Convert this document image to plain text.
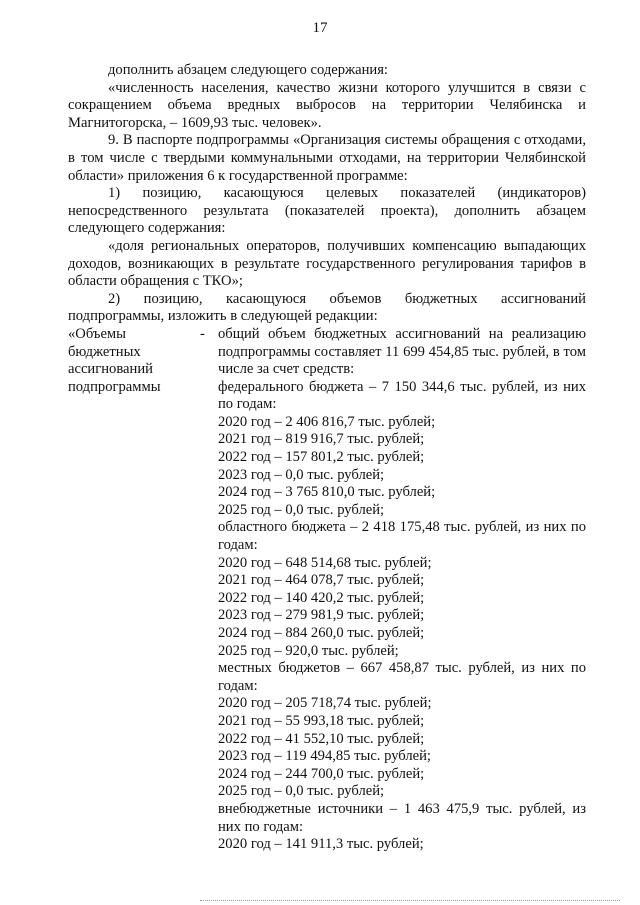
17

дополнить абзацем следующего содержания:

«численность населения, качество жизни которого улучшится в связи с сокращением объема вредных выбросов на территории Челябинска и Магнитогорска, – 1609,93 тыс. человек».

9. В паспорте подпрограммы «Организация системы обращения с отходами, в том числе с твердыми коммунальными отходами, на территории Челябинской области» приложения 6 к государственной программе:

1) позицию, касающуюся целевых показателей (индикаторов) непосредственного результата (показателей проекта), дополнить абзацем следующего содержания:

«доля региональных операторов, получивших компенсацию выпадающих доходов, возникающих в результате государственного регулирования тарифов в области обращения с ТКО»;

2) позицию, касающуюся объемов бюджетных ассигнований подпрограммы, изложить в следующей редакции:

«Объемы	-
бюджетных
ассигнований
подпрограммы

общий объем бюджетных ассигнований на реализацию подпрограммы составляет 11 699 454,85 тыс. рублей, в том числе за счет средств:

федерального бюджета – 7 150 344,6 тыс. рублей, из них по годам:

2020 год – 2 406 816,7 тыс. рублей;

2021 год – 819 916,7 тыс. рублей;

2022 год – 157 801,2 тыс. рублей;

2023 год – 0,0 тыс. рублей;

2024 год – 3 765 810,0 тыс. рублей;

2025 год – 0,0 тыс. рублей;

областного бюджета – 2 418 175,48 тыс. рублей, из них по годам:

2020 год – 648 514,68 тыс. рублей;

2021 год – 464 078,7 тыс. рублей;

2022 год – 140 420,2 тыс. рублей;

2023 год – 279 981,9 тыс. рублей;

2024 год – 884 260,0 тыс. рублей;

2025 год – 920,0 тыс. рублей;

местных бюджетов – 667 458,87 тыс. рублей, из них по годам:

2020 год – 205 718,74 тыс. рублей;

2021 год – 55 993,18 тыс. рублей;

2022 год – 41 552,10 тыс. рублей;

2023 год – 119 494,85 тыс. рублей;

2024 год – 244 700,0 тыс. рублей;

2025 год – 0,0 тыс. рублей;

внебюджетные источники – 1 463 475,9 тыс. рублей, из них по годам:

2020 год – 141 911,3 тыс. рублей;
